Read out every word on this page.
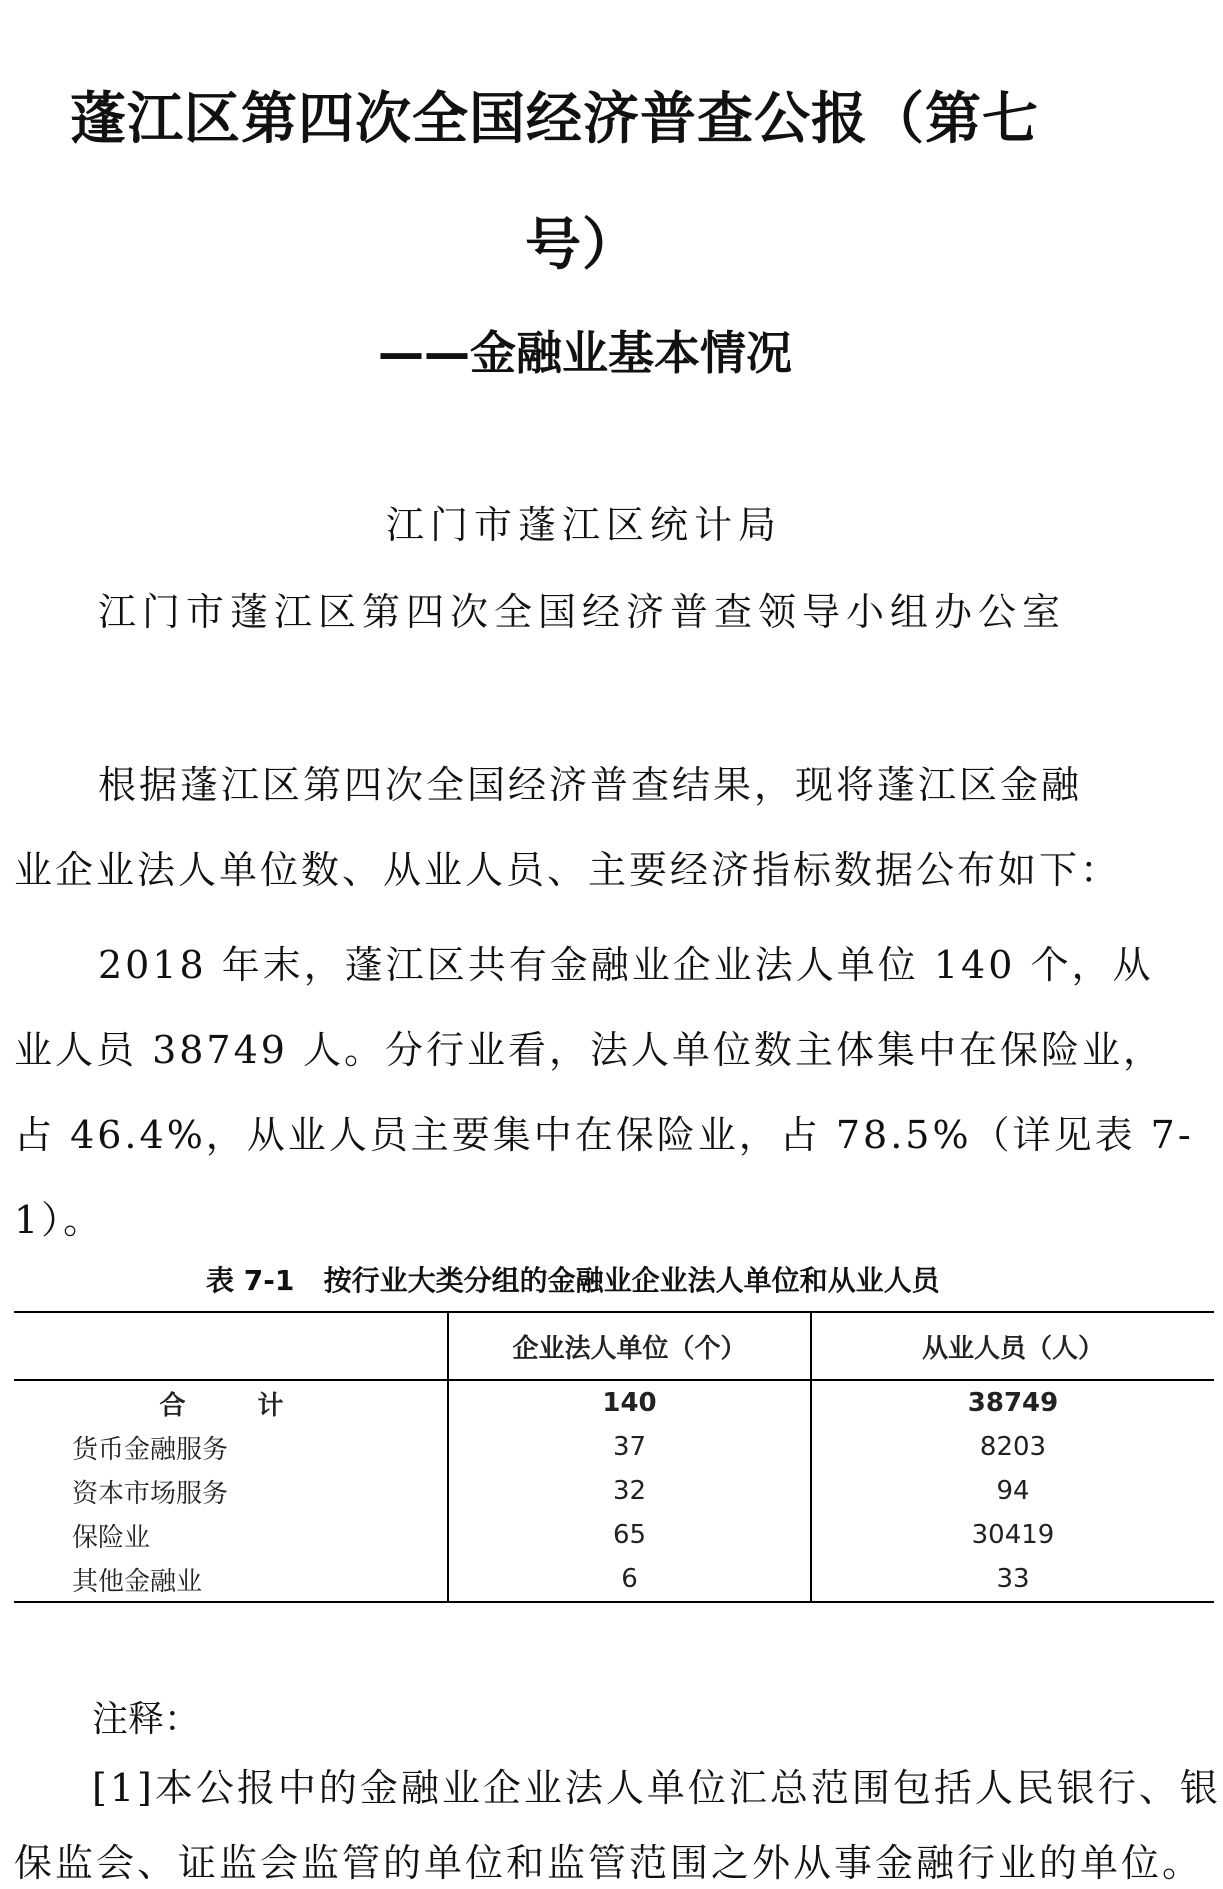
蓬江区第四次全国经济普查公报（第七
号）
——金融业基本情况
江门市蓬江区统计局
江门市蓬江区第四次全国经济普查领导小组办公室
根据蓬江区第四次全国经济普查结果，现将蓬江区金融
业企业法人单位数、从业人员、主要经济指标数据公布如下：
2018 年末，蓬江区共有金融业企业法人单位 140 个，从
业人员 38749 人。分行业看，法人单位数主体集中在保险业，
占 46.4%，从业人员主要集中在保险业，占 78.5%（详见表 7-
1）。
表 7-1   按行业大类分组的金融业企业法人单位和从业人员
	企业法人单位（个）	从业人员（人）
合  计	140	38749
货币金融服务	37	8203
资本市场服务	32	94
保险业	65	30419
其他金融业	6	33
注释：
[1]本公报中的金融业企业法人单位汇总范围包括人民银行、银
保监会、证监会监管的单位和监管范围之外从事金融行业的单位。
